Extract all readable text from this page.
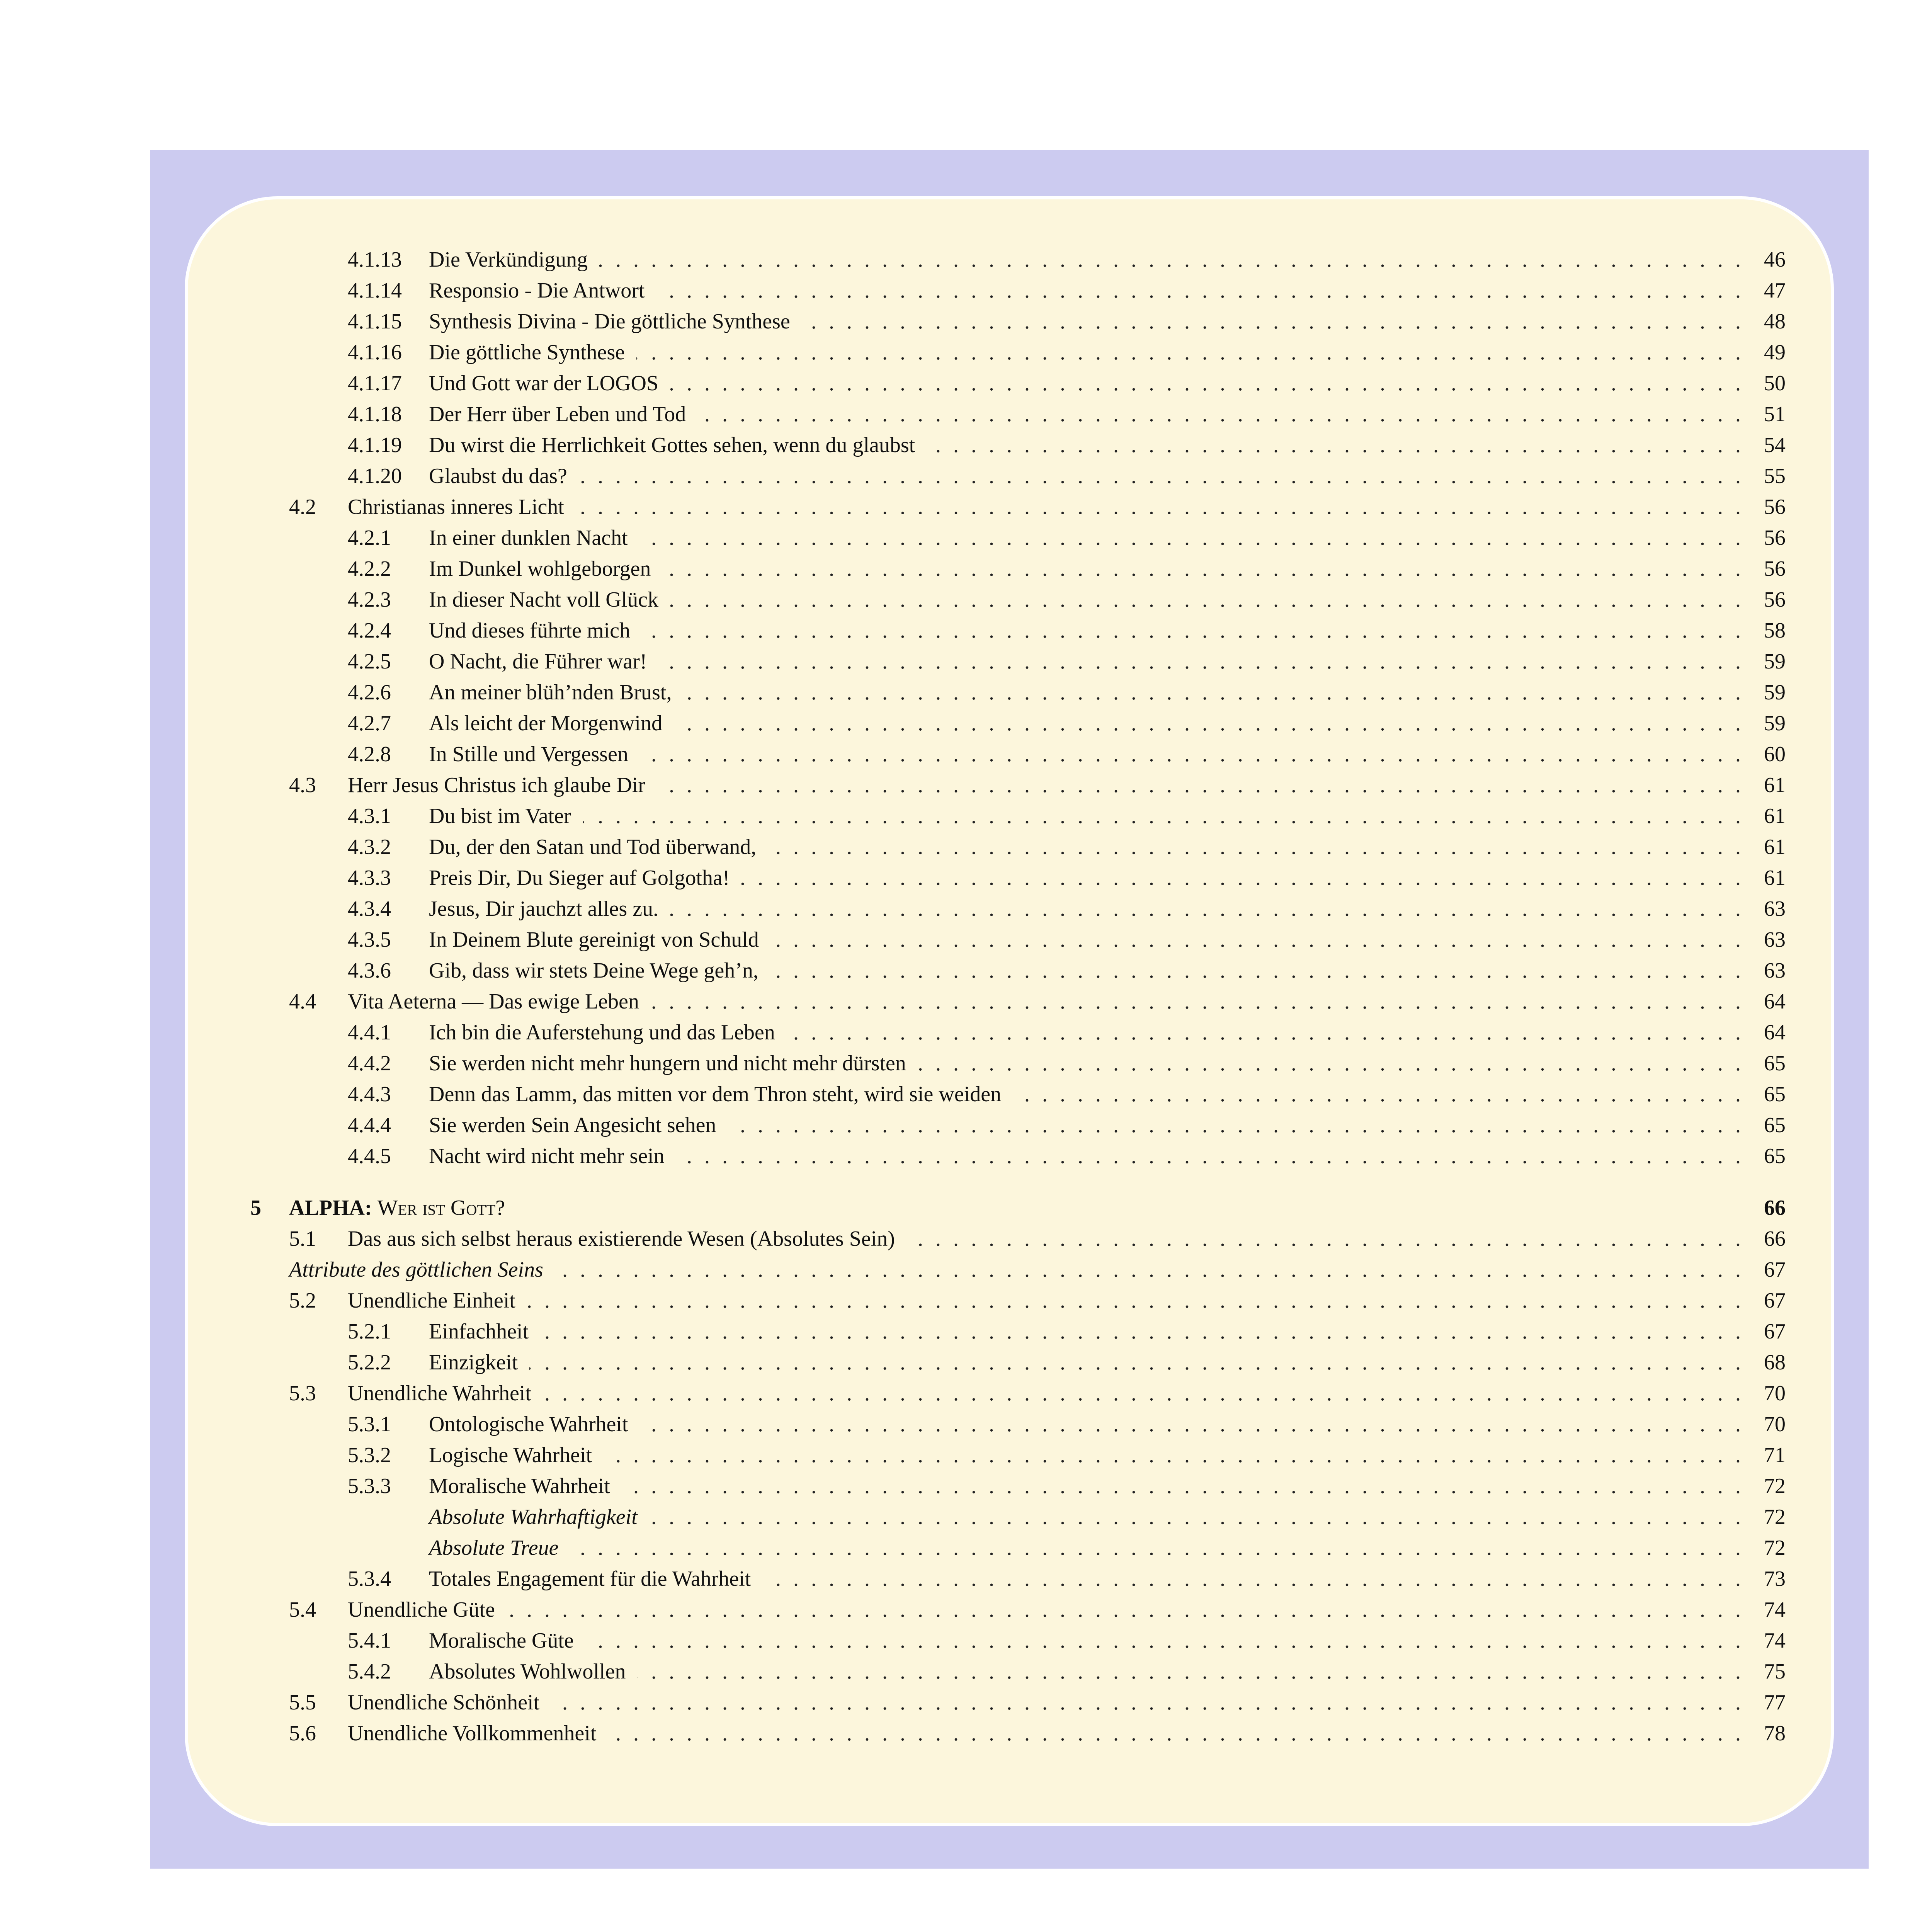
4.1.13 Die Verkündigung	46
. . .
4.1.14 Responsio - Die Antwort	47
. . .
4.1.15 Synthesis Divina - Die göttliche Synthese	48
. . .
4.1.16 Die göttliche Synthese	49
. . .
4.1.17 Und Gott war der LOGOS	50
. . .
4.1.18 Der Herr über Leben und Tod	51
. . .
4.1.19 Du wirst die Herrlichkeit Gottes sehen, wenn du glaubst	54
. . .
4.1.20 Glaubst du das?	55
. . .
4.2 Christianas inneres Licht	56
. . .
4.2.1 In einer dunklen Nacht	56
. . .
4.2.2 Im Dunkel wohlgeborgen	56
. . .
4.2.3 In dieser Nacht voll Glück	56
. . .
4.2.4 Und dieses führte mich	58
. . .
4.2.5 O Nacht, die Führer war!	59
. . .
4.2.6 An meiner blüh’nden Brust,	59
. . .
4.2.7 Als leicht der Morgenwind	59
. . .
4.2.8 In Stille und Vergessen	60
. . .
4.3 Herr Jesus Christus ich glaube Dir	61
. . .
4.3.1 Du bist im Vater	61
. . .
4.3.2 Du, der den Satan und Tod überwand,	61
. . .
4.3.3 Preis Dir, Du Sieger auf Golgotha!	61
. . .
4.3.4 Jesus, Dir jauchzt alles zu.	63
. . .
4.3.5 In Deinem Blute gereinigt von Schuld	63
. . .
4.3.6 Gib, dass wir stets Deine Wege geh’n,	63
. . .
4.4 Vita Aeterna — Das ewige Leben	64
. . .
4.4.1 Ich bin die Auferstehung und das Leben	64
. . .
4.4.2 Sie werden nicht mehr hungern und nicht mehr dürsten	65
. . .
4.4.3 Denn das Lamm, das mitten vor dem Thron steht, wird sie weiden	65
. . .
4.4.4 Sie werden Sein Angesicht sehen	65
. . .
4.4.5 Nacht wird nicht mehr sein	65
. . .
5 ALPHA: Wer ist Gott?	66
5.1 Das aus sich selbst heraus existierende Wesen (Absolutes Sein)	66
. . .
Attribute des göttlichen Seins	67
. . .
5.2 Unendliche Einheit	67
. . .
5.2.1 Einfachheit	67
. . .
5.2.2 Einzigkeit	68
. . .
5.3 Unendliche Wahrheit	70
. . .
5.3.1 Ontologische Wahrheit	70
. . .
5.3.2 Logische Wahrheit	71
. . .
5.3.3 Moralische Wahrheit	72
. . .
Absolute Wahrhaftigkeit	72
. . .
Absolute Treue	72
. . .
5.3.4 Totales Engagement für die Wahrheit	73
. . .
5.4 Unendliche Güte	74
. . .
5.4.1 Moralische Güte	74
. . .
5.4.2 Absolutes Wohlwollen	75
. . .
5.5 Unendliche Schönheit	77
. . .
5.6 Unendliche Vollkommenheit	78
. . .
